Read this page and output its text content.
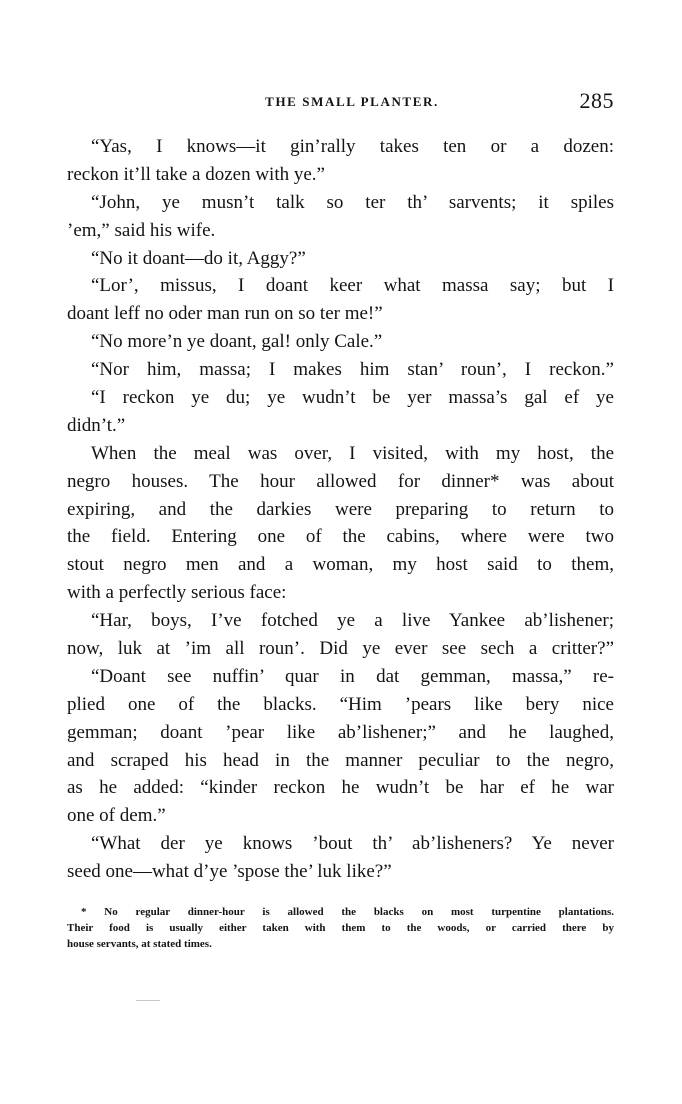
THE SMALL PLANTER.	285
“Yas, I knows—it gin’rally takes ten or a dozen:
reckon it’ll take a dozen with ye.”
“John, ye musn’t talk so ter th’ sarvents; it spiles
’em,” said his wife.
“No it doant—do it, Aggy?”
“Lor’, missus, I doant keer what massa say; but I
doant leff no oder man run on so ter me!”
“No more’n ye doant, gal! only Cale.”
“Nor him, massa; I makes him stan’ roun’, I reckon.”
“I reckon ye du; ye wudn’t be yer massa’s gal ef ye
didn’t.”
When the meal was over, I visited, with my host, the
negro houses. The hour allowed for dinner* was about
expiring, and the darkies were preparing to return to
the field. Entering one of the cabins, where were two
stout negro men and a woman, my host said to them,
with a perfectly serious face:
“Har, boys, I’ve fotched ye a live Yankee ab’lishener;
now, luk at ’im all roun’. Did ye ever see sech a critter?”
“Doant see nuffin’ quar in dat gemman, massa,” re-
plied one of the blacks. “Him ’pears like bery nice
gemman; doant ’pear like ab’lishener;” and he laughed,
and scraped his head in the manner peculiar to the negro,
as he added: “kinder reckon he wudn’t be har ef he war
one of dem.”
“What der ye knows ’bout th’ ab’lisheners? Ye never
seed one—what d’ye ’spose the’ luk like?”
* No regular dinner-hour is allowed the blacks on most turpentine plantations.
Their food is usually either taken with them to the woods, or carried there by
house servants, at stated times.
